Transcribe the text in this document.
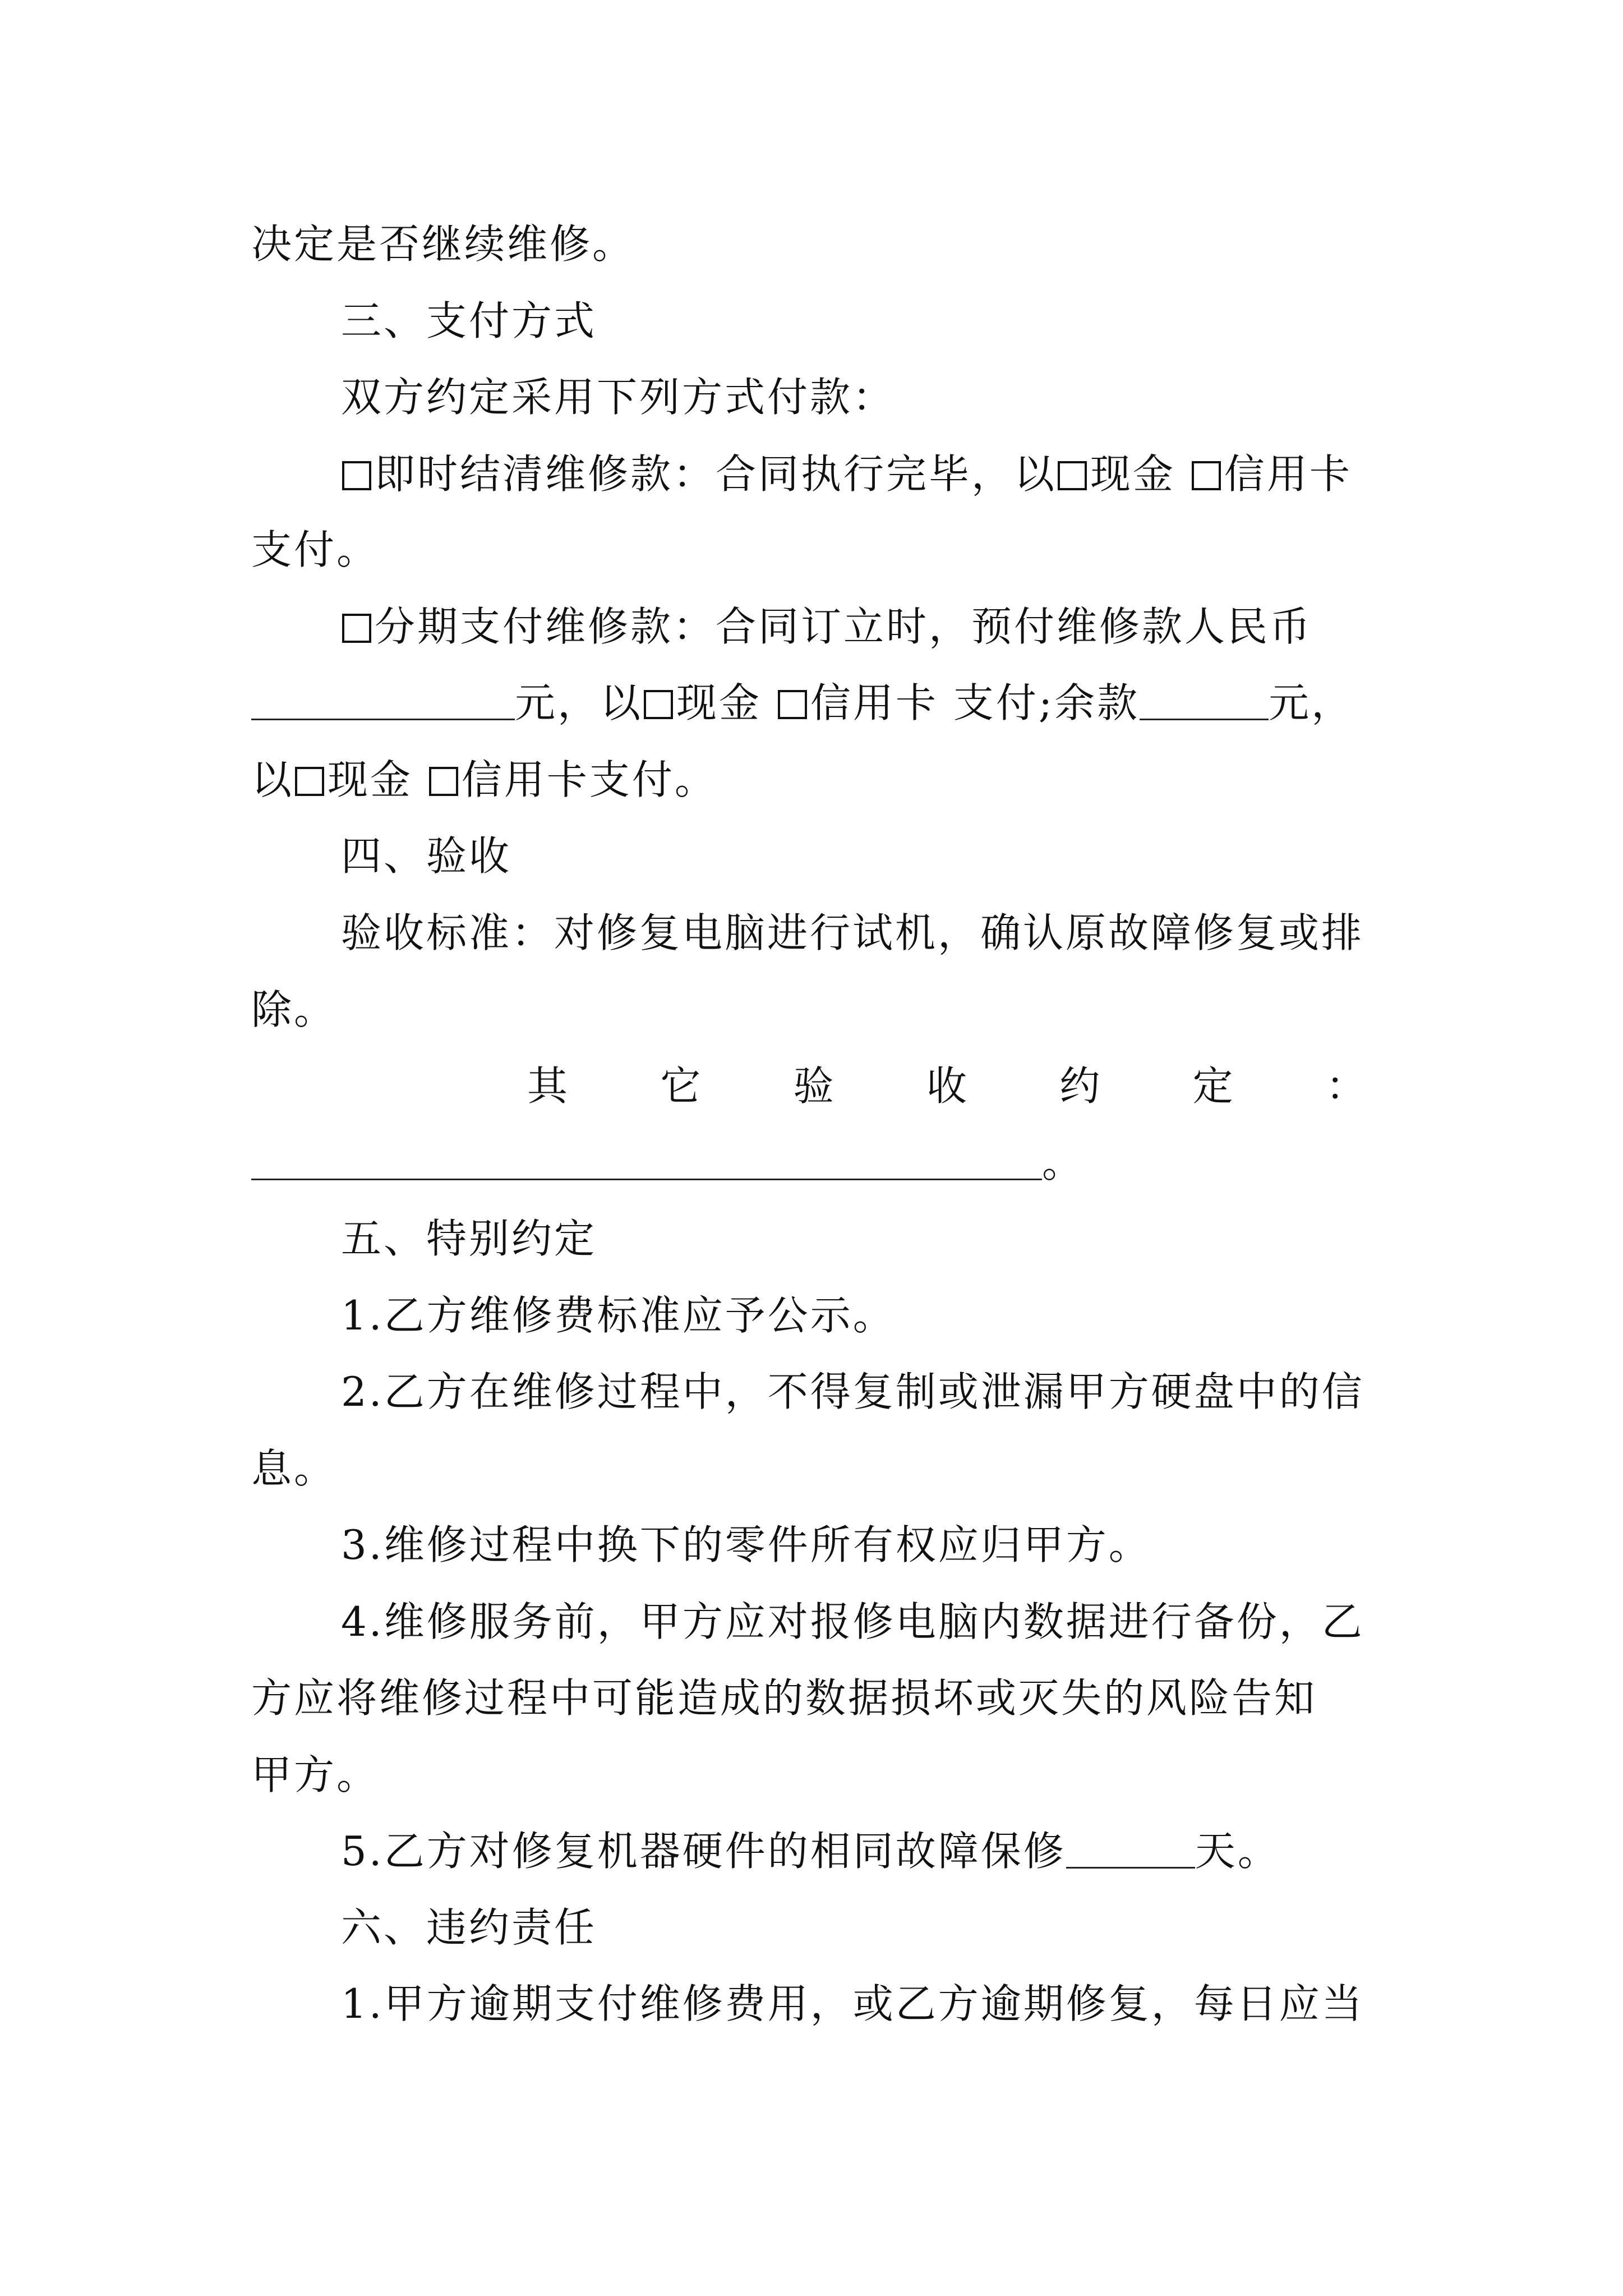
决定是否继续维修。
三、支付方式
双方约定采用下列方式付款：
即时结清维修款：合同执行完毕，以 现金 信用卡
支付。
分期支付维修款：合同订立时，预付维修款人民币
元，以 现金 信用卡 支付;余款	元，
以 现金 信用卡支付。
四、验收
验收标准：对修复电脑进行试机，确认原故障修复或排
除。
其 它 验 收 约 定 ：
。
五、特别约定
1.乙方维修费标准应予公示。
2.乙方在维修过程中，不得复制或泄漏甲方硬盘中的信
息。
3.维修过程中换下的零件所有权应归甲方。
4.维修服务前，甲方应对报修电脑内数据进行备份，乙
方应将维修过程中可能造成的数据损坏或灭失的风险告知
甲方。
5.乙方对修复机器硬件的相同故障保修	天。
六、违约责任
1.甲方逾期支付维修费用，或乙方逾期修复，每日应当
